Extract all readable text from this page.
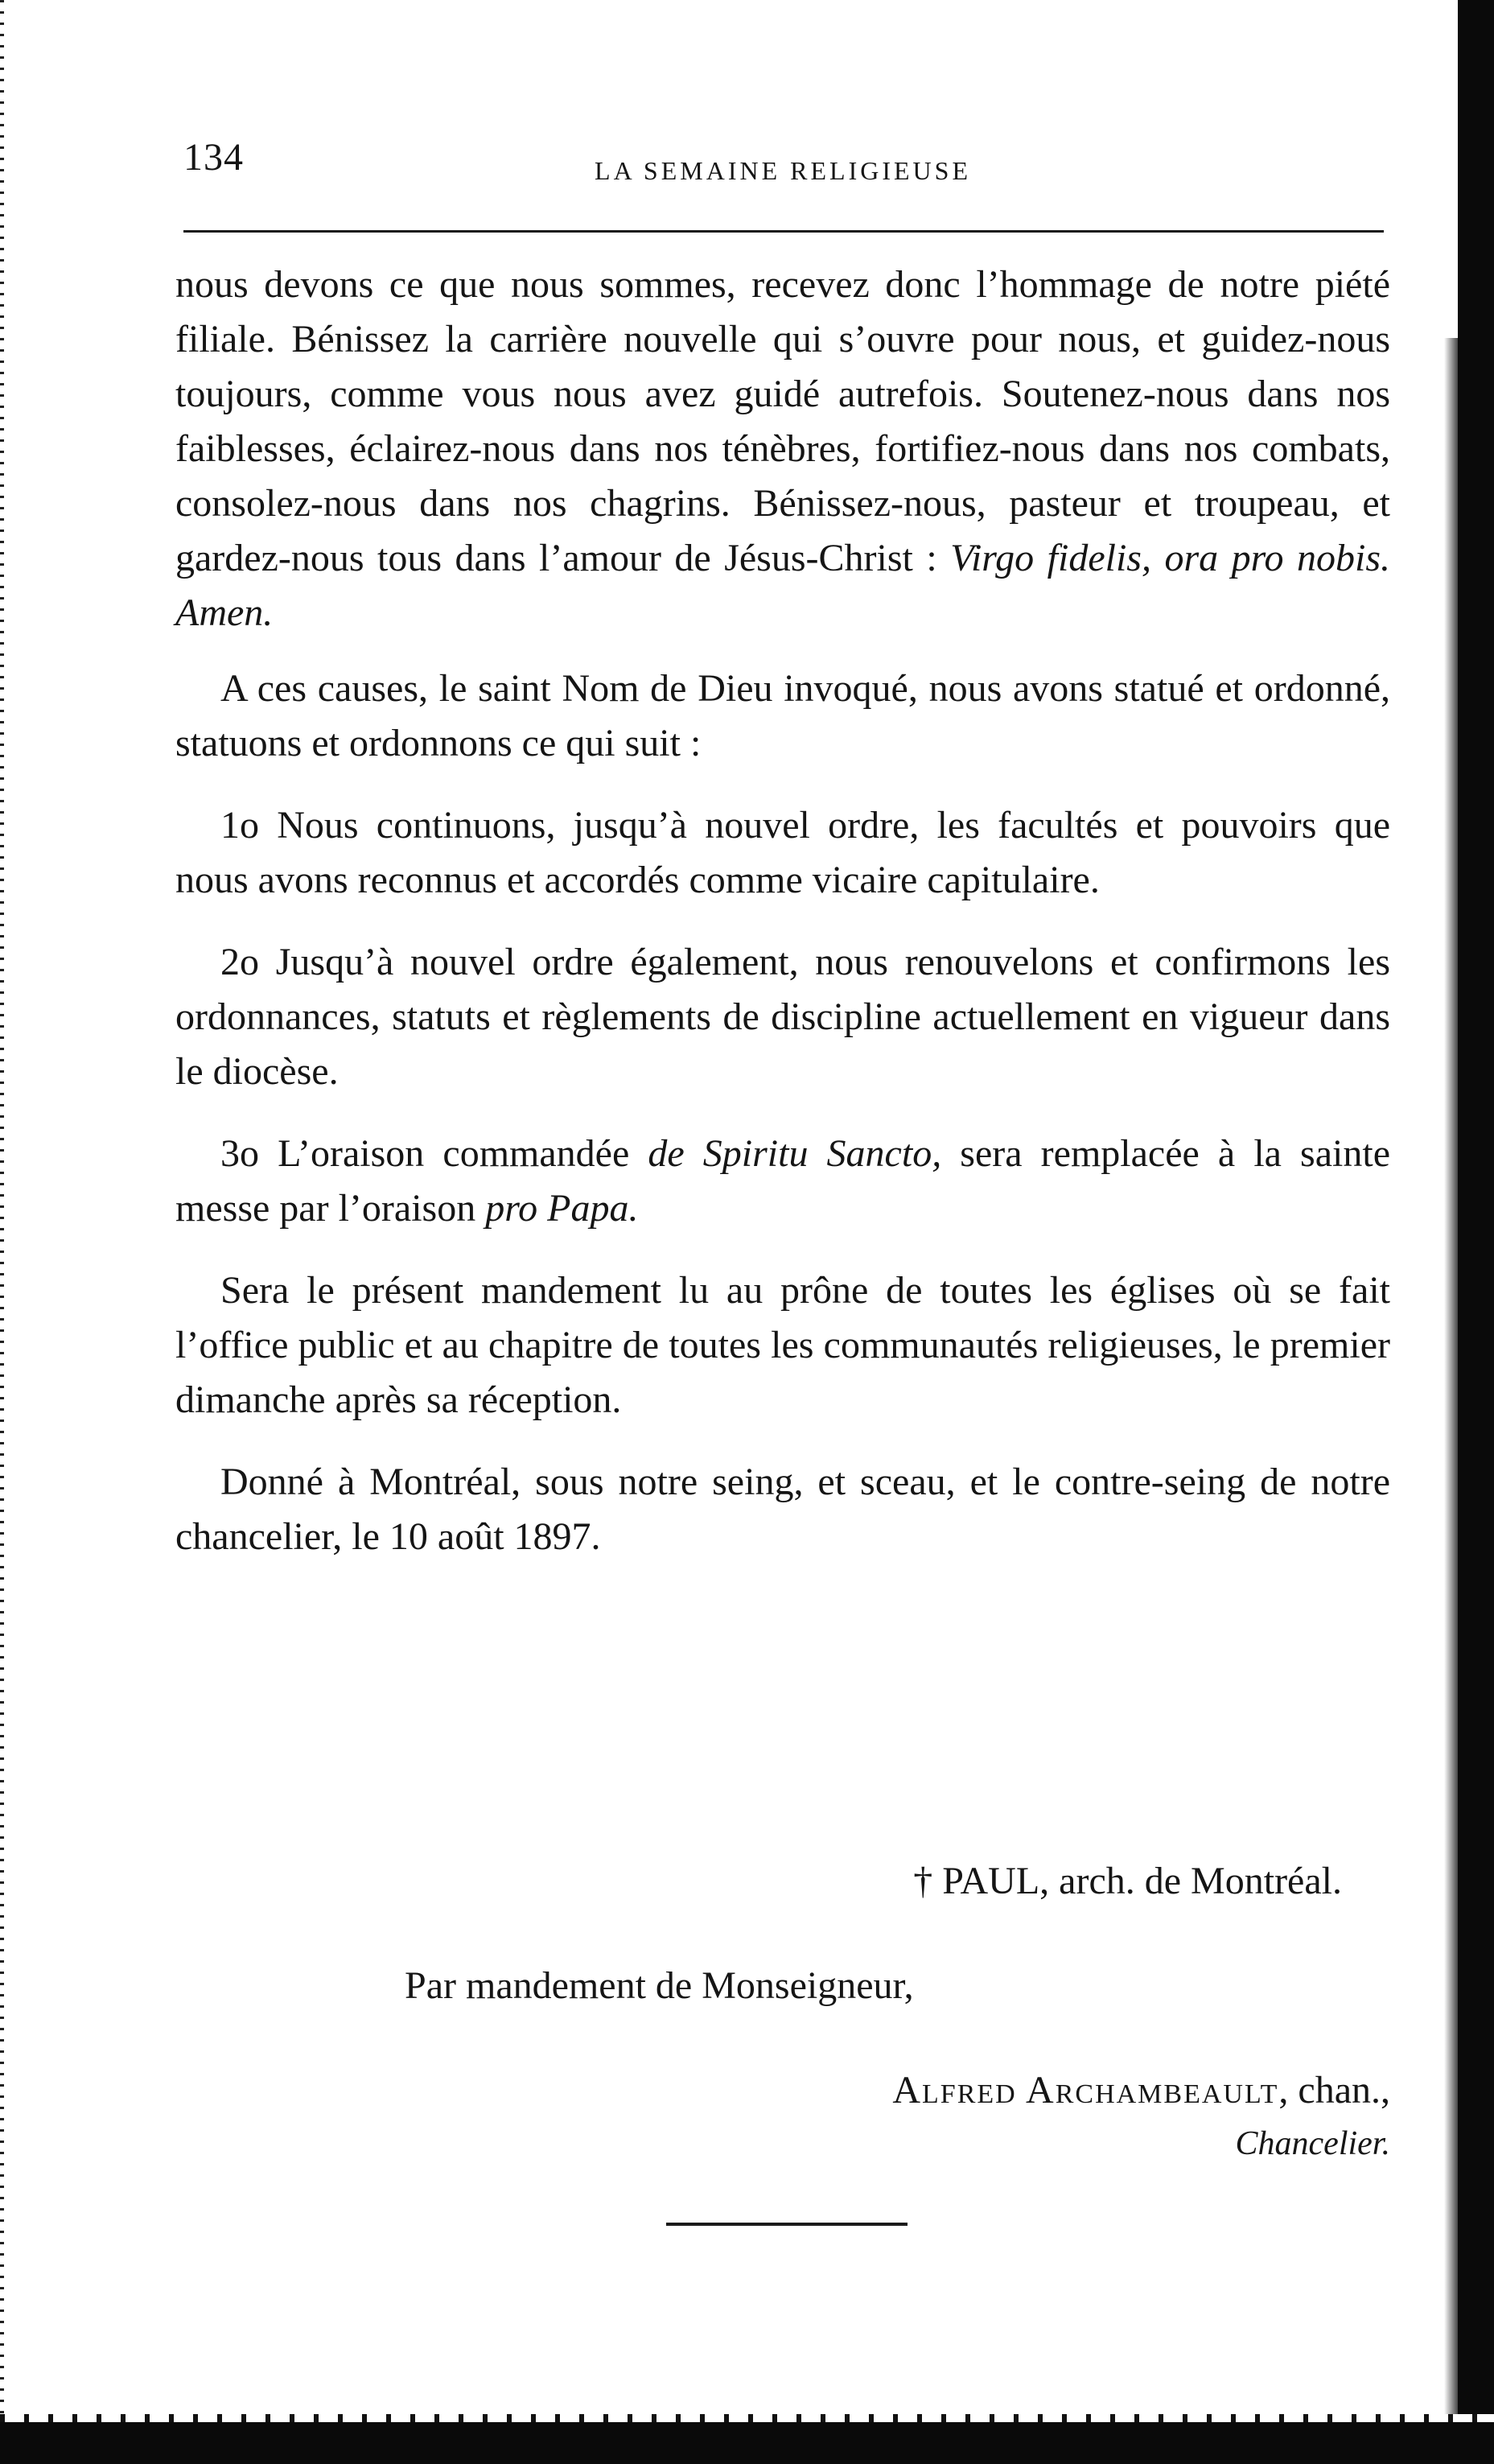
134	LA SEMAINE RELIGIEUSE

nous devons ce que nous sommes, recevez donc l’hommage de notre piété filiale. Bénissez la carrière nouvelle qui s’ouvre pour nous, et guidez-nous toujours, comme vous nous avez guidé autrefois. Soutenez-nous dans nos faiblesses, éclairez-nous dans nos ténèbres, fortifiez-nous dans nos combats, consolez-nous dans nos chagrins. Bénissez-nous, pasteur et troupeau, et gardez-nous tous dans l’amour de Jésus-Christ : Virgo fidelis, ora pro nobis. Amen.

A ces causes, le saint Nom de Dieu invoqué, nous avons statué et ordonné, statuons et ordonnons ce qui suit :

1o Nous continuons, jusqu’à nouvel ordre, les facultés et pouvoirs que nous avons reconnus et accordés comme vicaire capitulaire.

2o Jusqu’à nouvel ordre également, nous renouvelons et confirmons les ordonnances, statuts et règlements de discipline actuellement en vigueur dans le diocèse.

3o L’oraison commandée de Spiritu Sancto, sera remplacée à la sainte messe par l’oraison pro Papa.

Sera le présent mandement lu au prône de toutes les églises où se fait l’office public et au chapitre de toutes les communautés religieuses, le premier dimanche après sa réception.

Donné à Montréal, sous notre seing, et sceau, et le contre-seing de notre chancelier, le 10 août 1897.

† PAUL, arch. de Montréal.
Par mandement de Monseigneur,
Alfred Archambeault, chan.,
Chancelier.
